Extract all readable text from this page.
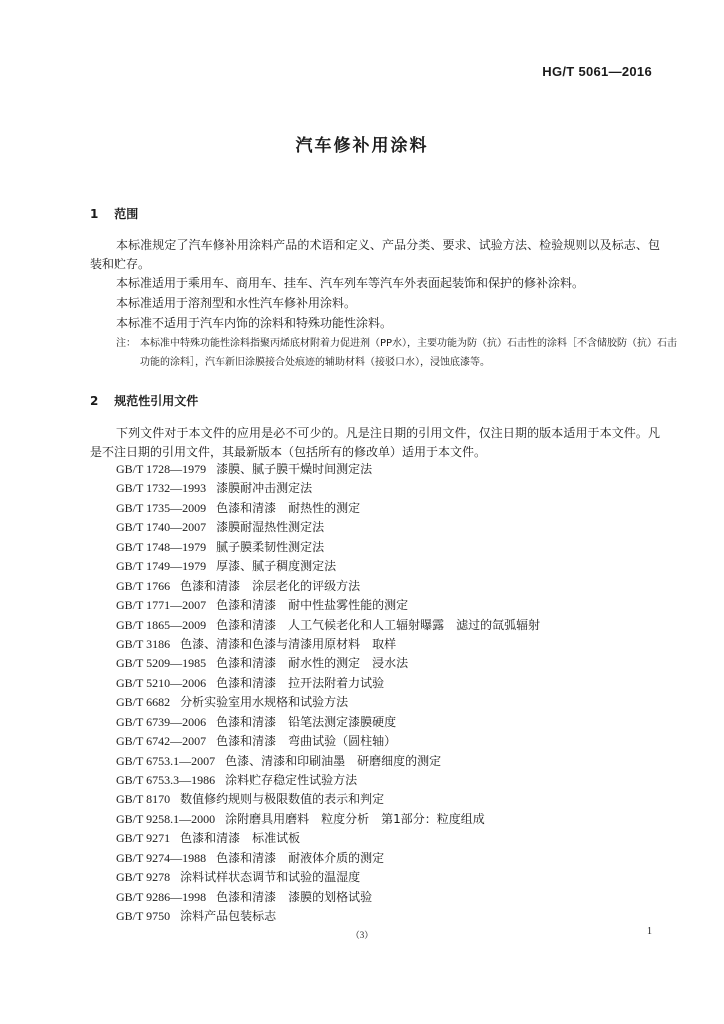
HG/T 5061—2016
汽车修补用涂料
1 范围

本标准规定了汽车修补用涂料产品的术语和定义、产品分类、要求、试验方法、检验规则以及标志、包装和贮存。

本标准适用于乘用车、商用车、挂车、汽车列车等汽车外表面起装饰和保护的修补涂料。

本标准适用于溶剂型和水性汽车修补用涂料。

本标准不适用于汽车内饰的涂料和特殊功能性涂料。

注： 本标准中特殊功能性涂料指聚丙烯底材附着力促进剂（PP水），主要功能为防（抗）石击性的涂料［不含储胶防（抗）石击功能的涂料］，汽车新旧涂膜接合处痕迹的辅助材料（接驳口水），浸蚀底漆等。
2 规范性引用文件

下列文件对于本文件的应用是必不可少的。凡是注日期的引用文件，仅注日期的版本适用于本文件。凡是不注日期的引用文件，其最新版本（包括所有的修改单）适用于本文件。

GB/T 1728—1979 漆膜、腻子膜干燥时间测定法
GB/T 1732—1993 漆膜耐冲击测定法
GB/T 1735—2009 色漆和清漆　耐热性的测定
GB/T 1740—2007 漆膜耐湿热性测定法
GB/T 1748—1979 腻子膜柔韧性测定法
GB/T 1749—1979 厚漆、腻子稠度测定法
GB/T 1766 色漆和清漆　涂层老化的评级方法
GB/T 1771—2007 色漆和清漆　耐中性盐雾性能的测定
GB/T 1865—2009 色漆和清漆　人工气候老化和人工辐射曝露　滤过的氙弧辐射
GB/T 3186 色漆、清漆和色漆与清漆用原材料　取样
GB/T 5209—1985 色漆和清漆　耐水性的测定　浸水法
GB/T 5210—2006 色漆和清漆　拉开法附着力试验
GB/T 6682 分析实验室用水规格和试验方法
GB/T 6739—2006 色漆和清漆　铅笔法测定漆膜硬度
GB/T 6742—2007 色漆和清漆　弯曲试验（圆柱轴）
GB/T 6753.1—2007 色漆、清漆和印刷油墨　研磨细度的测定
GB/T 6753.3—1986 涂料贮存稳定性试验方法
GB/T 8170 数值修约规则与极限数值的表示和判定
GB/T 9258.1—2000 涂附磨具用磨料　粒度分析　第1部分：粒度组成
GB/T 9271 色漆和清漆　标准试板
GB/T 9274—1988 色漆和清漆　耐液体介质的测定
GB/T 9278 涂料试样状态调节和试验的温湿度
GB/T 9286—1998 色漆和清漆　漆膜的划格试验
GB/T 9750 涂料产品包装标志
（3）	1
